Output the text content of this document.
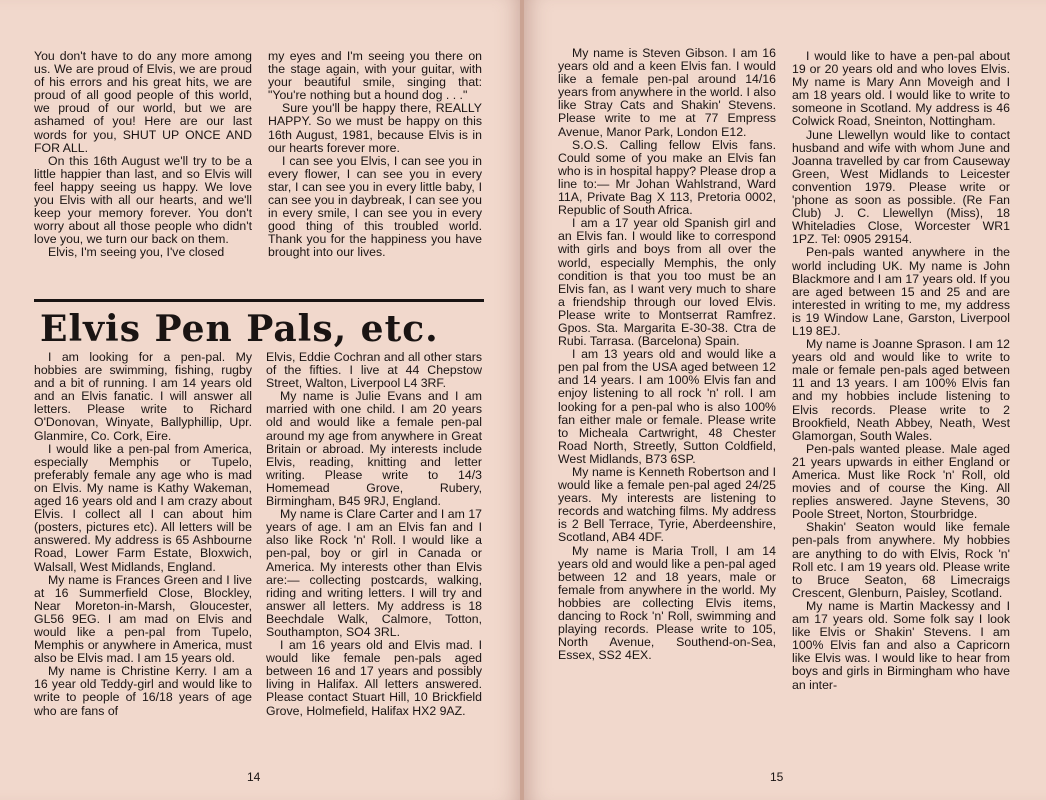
You don't have to do any more among us. We are proud of Elvis, we are proud of his errors and his great hits, we are proud of all good people of this world, we proud of our world, but we are ashamed of you! Here are our last words for you, SHUT UP ONCE AND FOR ALL.

On this 16th August we'll try to be a little happier than last, and so Elvis will feel happy seeing us happy. We love you Elvis with all our hearts, and we'll keep your memory forever. You don't worry about all those people who didn't love you, we turn our back on them.

Elvis, I'm seeing you, I've closed

my eyes and I'm seeing you there on the stage again, with your guitar, with your beautiful smile, singing that: "You're nothing but a hound dog . . ."

Sure you'll be happy there, REALLY HAPPY. So we must be happy on this 16th August, 1981, because Elvis is in our hearts forever more.

I can see you Elvis, I can see you in every flower, I can see you in every star, I can see you in every little baby, I can see you in daybreak, I can see you in every smile, I can see you in every good thing of this troubled world. Thank you for the happiness you have brought into our lives.

Elvis Pen Pals, etc.

I am looking for a pen-pal. My hobbies are swimming, fishing, rugby and a bit of running. I am 14 years old and an Elvis fanatic. I will answer all letters. Please write to Richard O'Donovan, Winyate, Ballyphillip, Upr. Glanmire, Co. Cork, Eire.

I would like a pen-pal from America, especially Memphis or Tupelo, preferably female any age who is mad on Elvis. My name is Kathy Wakeman, aged 16 years old and I am crazy about Elvis. I collect all I can about him (posters, pictures etc). All letters will be answered. My address is 65 Ashbourne Road, Lower Farm Estate, Bloxwich, Walsall, West Midlands, England.

My name is Frances Green and I live at 16 Summerfield Close, Blockley, Near Moreton-in-Marsh, Gloucester, GL56 9EG. I am mad on Elvis and would like a pen-pal from Tupelo, Memphis or anywhere in America, must also be Elvis mad. I am 15 years old.

My name is Christine Kerry. I am a 16 year old Teddy-girl and would like to write to people of 16/18 years of age who are fans of

Elvis, Eddie Cochran and all other stars of the fifties. I live at 44 Chepstow Street, Walton, Liverpool L4 3RF.

My name is Julie Evans and I am married with one child. I am 20 years old and would like a female pen-pal around my age from anywhere in Great Britain or abroad. My interests include Elvis, reading, knitting and letter writing. Please write to 14/3 Homemead Grove, Rubery, Birmingham, B45 9RJ, England.

My name is Clare Carter and I am 17 years of age. I am an Elvis fan and I also like Rock 'n' Roll. I would like a pen-pal, boy or girl in Canada or America. My interests other than Elvis are:— collecting postcards, walking, riding and writing letters. I will try and answer all letters. My address is 18 Beechdale Walk, Calmore, Totton, Southampton, SO4 3RL.

I am 16 years old and Elvis mad. I would like female pen-pals aged between 16 and 17 years and possibly living in Halifax. All letters answered. Please contact Stuart Hill, 10 Brickfield Grove, Holmefield, Halifax HX2 9AZ.

14

My name is Steven Gibson. I am 16 years old and a keen Elvis fan. I would like a female pen-pal around 14/16 years from anywhere in the world. I also like Stray Cats and Shakin' Stevens. Please write to me at 77 Empress Avenue, Manor Park, London E12.

S.O.S. Calling fellow Elvis fans. Could some of you make an Elvis fan who is in hospital happy? Please drop a line to:— Mr Johan Wahlstrand, Ward 11A, Private Bag X 113, Pretoria 0002, Republic of South Africa.

I am a 17 year old Spanish girl and an Elvis fan. I would like to correspond with girls and boys from all over the world, especially Memphis, the only condition is that you too must be an Elvis fan, as I want very much to share a friendship through our loved Elvis. Please write to Montserrat Ramfrez. Gpos. Sta. Margarita E-30-38. Ctra de Rubi. Tarrasa. (Barcelona) Spain.

I am 13 years old and would like a pen pal from the USA aged between 12 and 14 years. I am 100% Elvis fan and enjoy listening to all rock 'n' roll. I am looking for a pen-pal who is also 100% fan either male or female. Please write to Micheala Cartwright, 48 Chester Road North, Streetly, Sutton Coldfield, West Midlands, B73 6SP.

My name is Kenneth Robertson and I would like a female pen-pal aged 24/25 years. My interests are listening to records and watching films. My address is 2 Bell Terrace, Tyrie, Aberdeenshire, Scotland, AB4 4DF.

My name is Maria Troll, I am 14 years old and would like a pen-pal aged between 12 and 18 years, male or female from anywhere in the world. My hobbies are collecting Elvis items, dancing to Rock 'n' Roll, swimming and playing records. Please write to 105, North Avenue, Southend-on-Sea, Essex, SS2 4EX.

I would like to have a pen-pal about 19 or 20 years old and who loves Elvis. My name is Mary Ann Moveigh and I am 18 years old. I would like to write to someone in Scotland. My address is 46 Colwick Road, Sneinton, Nottingham.

June Llewellyn would like to contact husband and wife with whom June and Joanna travelled by car from Causeway Green, West Midlands to Leicester convention 1979. Please write or 'phone as soon as possible. (Re Fan Club) J. C. Llewellyn (Miss), 18 Whiteladies Close, Worcester WR1 1PZ. Tel: 0905 29154.

Pen-pals wanted anywhere in the world including UK. My name is John Blackmore and I am 17 years old. If you are aged between 15 and 25 and are interested in writing to me, my address is 19 Window Lane, Garston, Liverpool L19 8EJ.

My name is Joanne Sprason. I am 12 years old and would like to write to male or female pen-pals aged between 11 and 13 years. I am 100% Elvis fan and my hobbies include listening to Elvis records. Please write to 2 Brookfield, Neath Abbey, Neath, West Glamorgan, South Wales.

Pen-pals wanted please. Male aged 21 years upwards in either England or America. Must like Rock 'n' Roll, old movies and of course the King. All replies answered. Jayne Stevens, 30 Poole Street, Norton, Stourbridge.

Shakin' Seaton would like female pen-pals from anywhere. My hobbies are anything to do with Elvis, Rock 'n' Roll etc. I am 19 years old. Please write to Bruce Seaton, 68 Limecraigs Crescent, Glenburn, Paisley, Scotland.

My name is Martin Mackessy and I am 17 years old. Some folk say I look like Elvis or Shakin' Stevens. I am 100% Elvis fan and also a Capricorn like Elvis was. I would like to hear from boys and girls in Birmingham who have an inter-

15
